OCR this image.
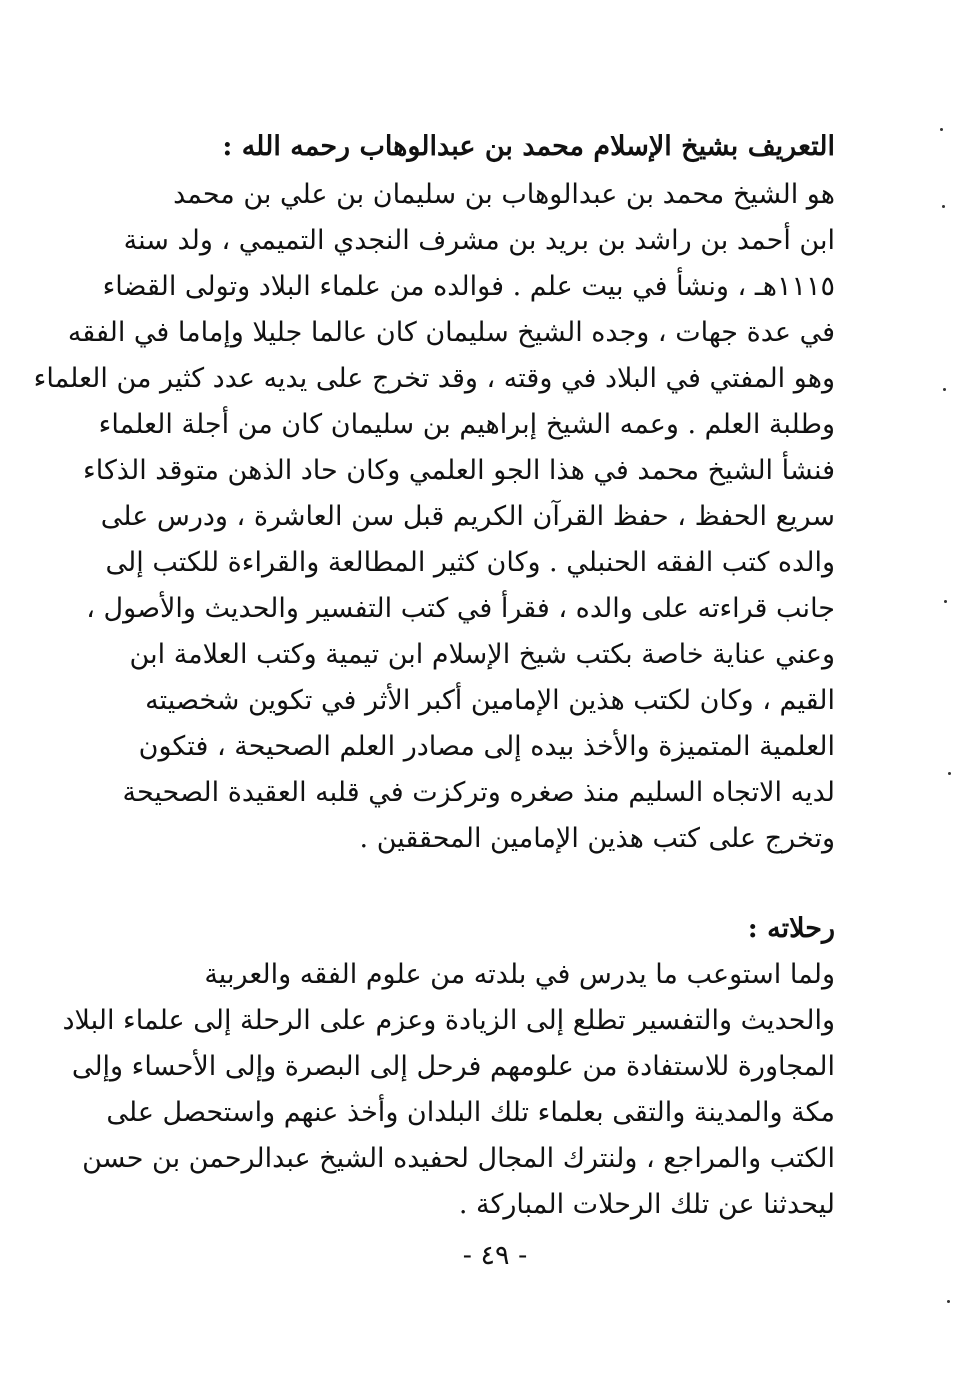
التعريف بشيخ الإسلام محمد بن عبدالوهاب رحمه الله :
هو الشيخ محمد بن عبدالوهاب بن سليمان بن علي بن محمد
ابن أحمد بن راشد بن بريد بن مشرف النجدي التميمي ، ولد سنة
١١١٥هـ ، ونشأ في بيت علم . فوالده من علماء البلاد وتولى القضاء
في عدة جهات ، وجده الشيخ سليمان كان عالما جليلا وإماما في الفقه
وهو المفتي في البلاد في وقته ، وقد تخرج على يديه عدد كثير من العلماء
وطلبة العلم . وعمه الشيخ إبراهيم بن سليمان كان من أجلة العلماء
فنشأ الشيخ محمد في هذا الجو العلمي وكان حاد الذهن متوقد الذكاء
سريع الحفظ ، حفظ القرآن الكريم قبل سن العاشرة ، ودرس على
والده كتب الفقه الحنبلي . وكان كثير المطالعة والقراءة للكتب إلى
جانب قراءته على والده ، فقرأ في كتب التفسير والحديث والأصول ،
وعني عناية خاصة بكتب شيخ الإسلام ابن تيمية وكتب العلامة ابن
القيم ، وكان لكتب هذين الإمامين أكبر الأثر في تكوين شخصيته
العلمية المتميزة والأخذ بيده إلى مصادر العلم الصحيحة ، فتكون
لديه الاتجاه السليم منذ صغره وتركزت في قلبه العقيدة الصحيحة
وتخرج على كتب هذين الإمامين المحققين .
رحلاته :
ولما استوعب ما يدرس في بلدته من علوم الفقه والعربية
والحديث والتفسير تطلع إلى الزيادة وعزم على الرحلة إلى علماء البلاد
المجاورة للاستفادة من علومهم فرحل إلى البصرة وإلى الأحساء وإلى
مكة والمدينة والتقى بعلماء تلك البلدان وأخذ عنهم واستحصل على
الكتب والمراجع ، ولنترك المجال لحفيده الشيخ عبدالرحمن بن حسن
ليحدثنا عن تلك الرحلات المباركة .
- ٤٩ -
